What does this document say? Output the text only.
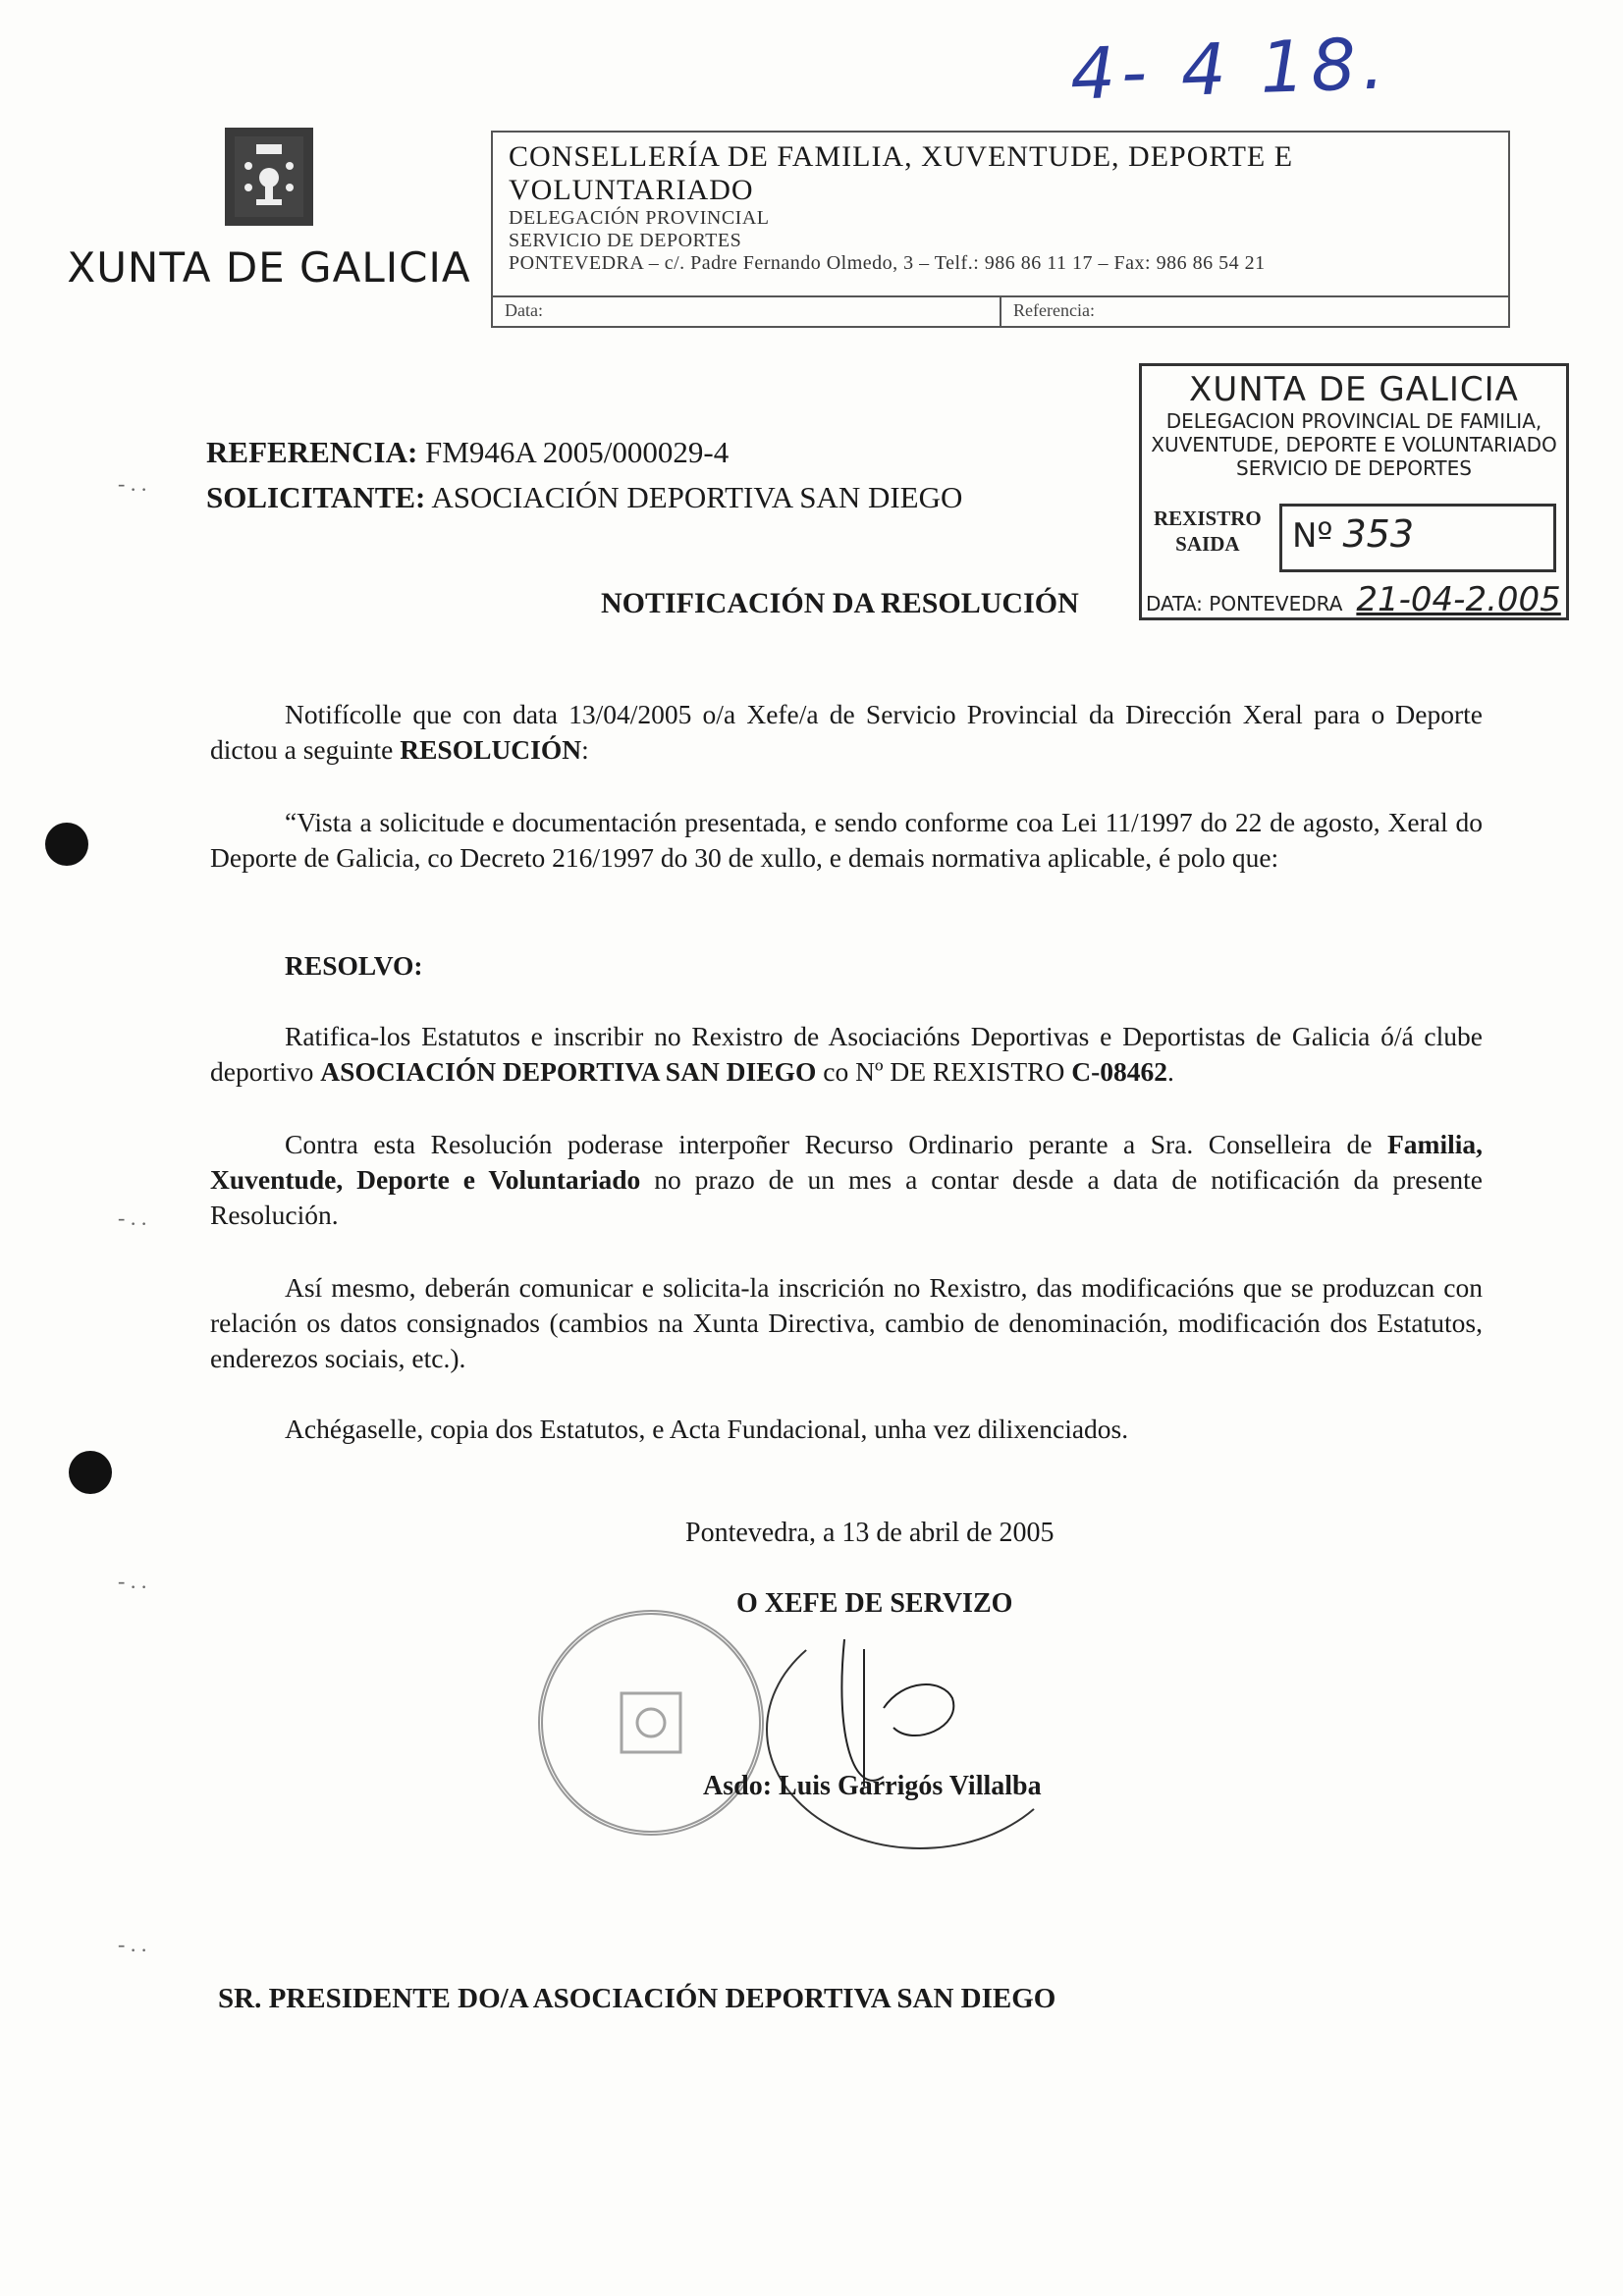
4- 4 18.
XUNTA DE GALICIA
CONSELLERÍA DE FAMILIA, XUVENTUDE, DEPORTE E VOLUNTARIADO
DELEGACIÓN PROVINCIAL
SERVICIO DE DEPORTES
PONTEVEDRA – c/. Padre Fernando Olmedo, 3 – Telf.: 986 86 11 17 – Fax: 986 86 54 21
Data:	Referencia:
XUNTA DE GALICIA
DELEGACION PROVINCIAL DE FAMILIA,
XUVENTUDE, DEPORTE E VOLUNTARIADO
SERVICIO DE DEPORTES
REXISTRO
SAIDA	Nº 353
DATA: PONTEVEDRA 21-04-2.005
REFERENCIA: FM946A 2005/000029-4
SOLICITANTE: ASOCIACIÓN DEPORTIVA SAN DIEGO
NOTIFICACIÓN DA RESOLUCIÓN
Notifícolle que con data 13/04/2005 o/a Xefe/a de Servicio Provincial da Dirección Xeral para o Deporte dictou a seguinte RESOLUCIÓN:
“Vista a solicitude e documentación presentada, e sendo conforme coa Lei 11/1997 do 22 de agosto, Xeral do Deporte de Galicia, co Decreto 216/1997 do 30 de xullo, e demais normativa aplicable, é polo que:
RESOLVO:
Ratifica-los Estatutos e inscribir no Rexistro de Asociacións Deportivas e Deportistas de Galicia ó/á clube deportivo ASOCIACIÓN DEPORTIVA SAN DIEGO co Nº DE REXISTRO C-08462.
Contra esta Resolución poderase interpoñer Recurso Ordinario perante a Sra. Conselleira de Familia, Xuventude, Deporte e Voluntariado no prazo de un mes a contar desde a data de notificación da presente Resolución.
Así mesmo, deberán comunicar e solicita-la inscrición no Rexistro, das modificacións que se produzcan con relación os datos consignados (cambios na Xunta Directiva, cambio de denominación, modificación dos Estatutos, enderezos sociais, etc.).
Achégaselle, copia dos Estatutos, e Acta Fundacional, unha vez dilixenciados.
Pontevedra, a 13 de abril de 2005
O XEFE DE SERVIZO
Asdo: Luis Garrigós Villalba
SR. PRESIDENTE DO/A ASOCIACIÓN DEPORTIVA SAN DIEGO
- . .
- . .
- . .
- . .
